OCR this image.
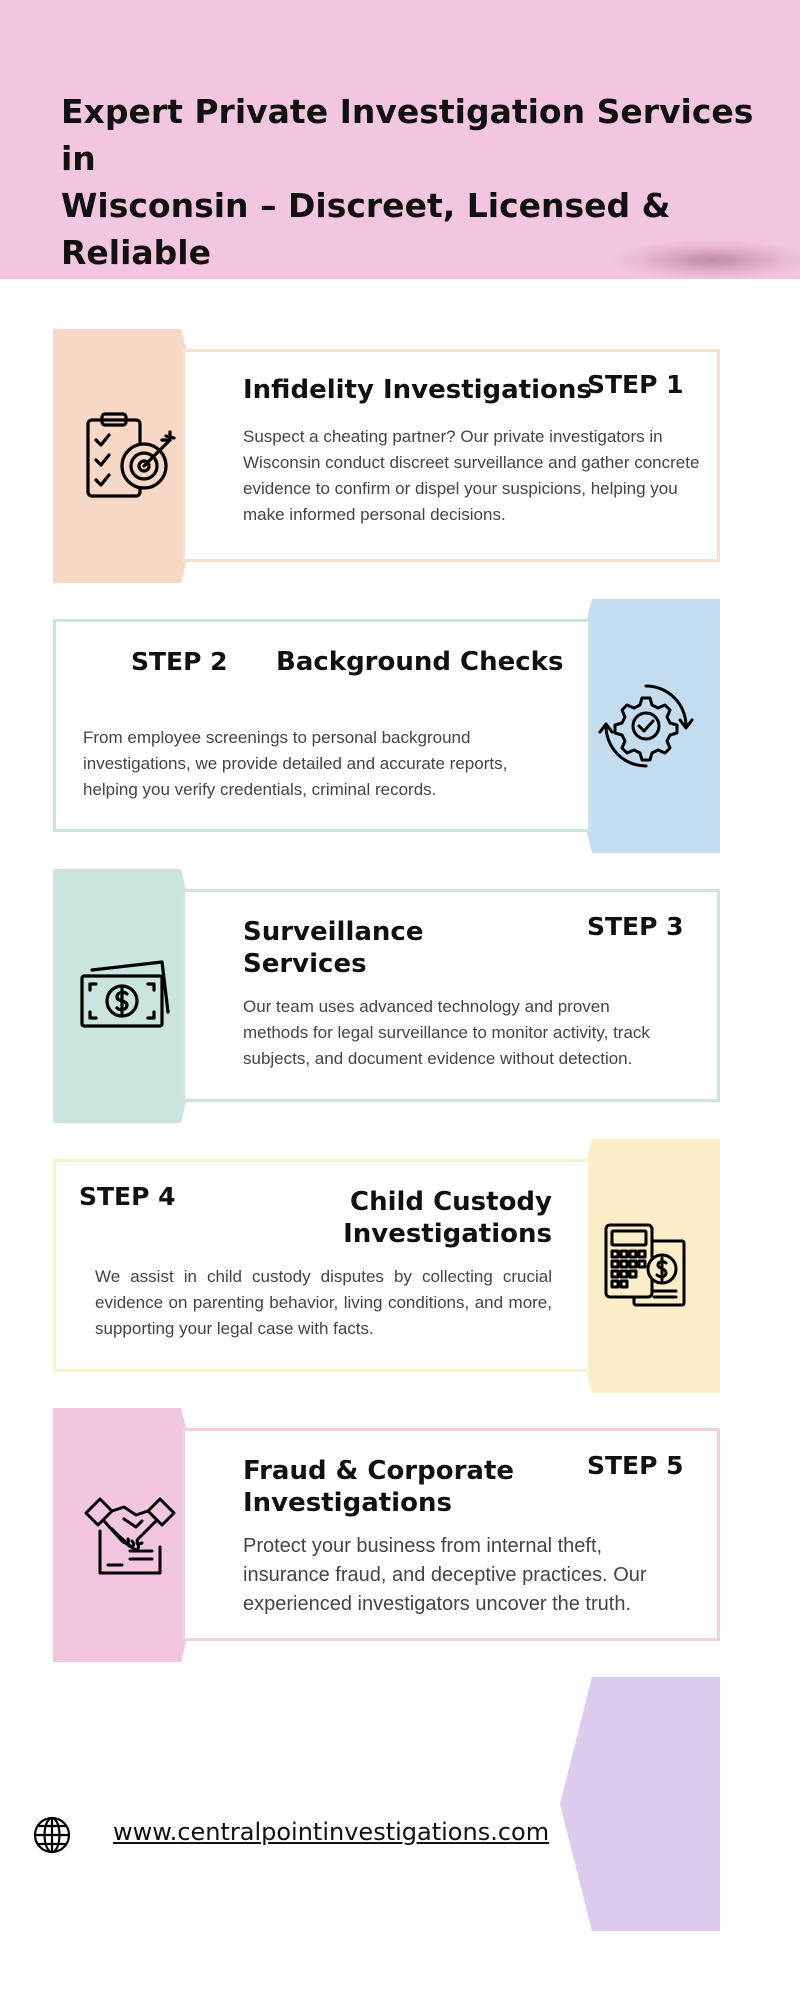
Expert Private Investigation Services in
Wisconsin – Discreet, Licensed & Reliable
Infidelity Investigations
STEP 1

Suspect a cheating partner? Our private investigators in Wisconsin conduct discreet surveillance and gather concrete evidence to confirm or dispel your suspicions, helping you make informed personal decisions.

STEP 2 Background Checks

From employee screenings to personal background investigations, we provide detailed and accurate reports, helping you verify credentials, criminal records.

Surveillance
Services
STEP 3

Our team uses advanced technology and proven methods for legal surveillance to monitor activity, track subjects, and document evidence without detection.

STEP 4	Child Custody
Investigations

We assist in child custody disputes by collecting crucial evidence on parenting behavior, living conditions, and more, supporting your legal case with facts.

Fraud & Corporate
Investigations
STEP 5

Protect your business from internal theft, insurance fraud, and deceptive practices. Our experienced investigators uncover the truth.

www.centralpointinvestigations.com
